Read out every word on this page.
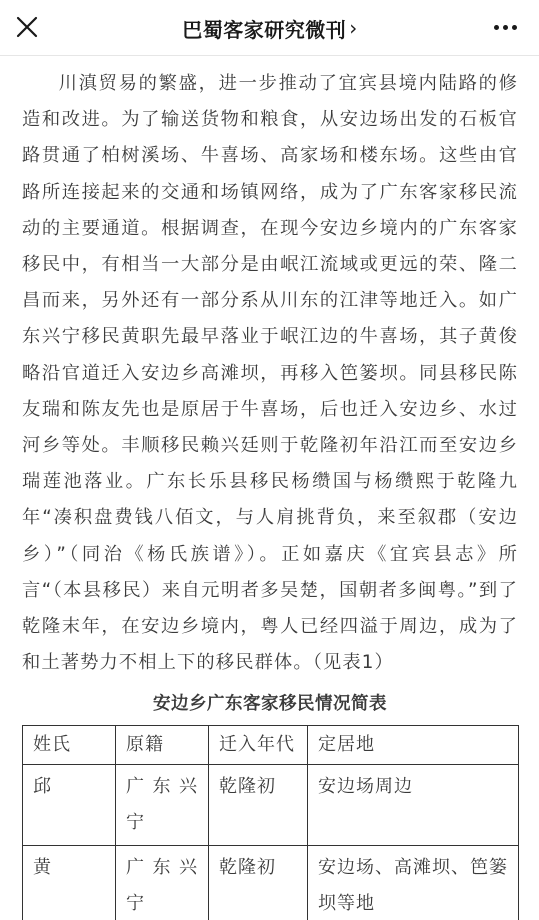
巴蜀客家研究微刊 ›

川滇贸易的繁盛，进一步推动了宜宾县境内陆路的修造和改进。为了输送货物和粮食，从安边场出发的石板官路贯通了柏树溪场、牛喜场、高家场和楼东场。这些由官路所连接起来的交通和场镇网络，成为了广东客家移民流动的主要通道。根据调查，在现今安边乡境内的广东客家移民中，有相当一大部分是由岷江流域或更远的荣、隆二昌而来，另外还有一部分系从川东的江津等地迁入。如广东兴宁移民黄职先最早落业于岷江边的牛喜场，其子黄俊略沿官道迁入安边乡高滩坝，再移入笆篓坝。同县移民陈友瑞和陈友先也是原居于牛喜场，后也迁入安边乡、水过河乡等处。丰顺移民赖兴廷则于乾隆初年沿江而至安边乡瑞莲池落业。广东长乐县移民杨缵国与杨缵熙于乾隆九年“凑积盘费钱八佰文，与人肩挑背负，来至叙郡（安边乡）”（同治《杨氏族谱》）。正如嘉庆《宜宾县志》所言“（本县移民）来自元明者多吴楚，国朝者多闽粤。”到了乾隆末年，在安边乡境内，粤人已经四溢于周边，成为了和土著势力不相上下的移民群体。（见表1）

安边乡广东客家移民情况简表
姓氏	原籍	迁入年代	定居地
邱	广东兴宁	乾隆初	安边场周边
黄	广东兴宁	乾隆初	安边场、高滩坝、笆篓坝等地
